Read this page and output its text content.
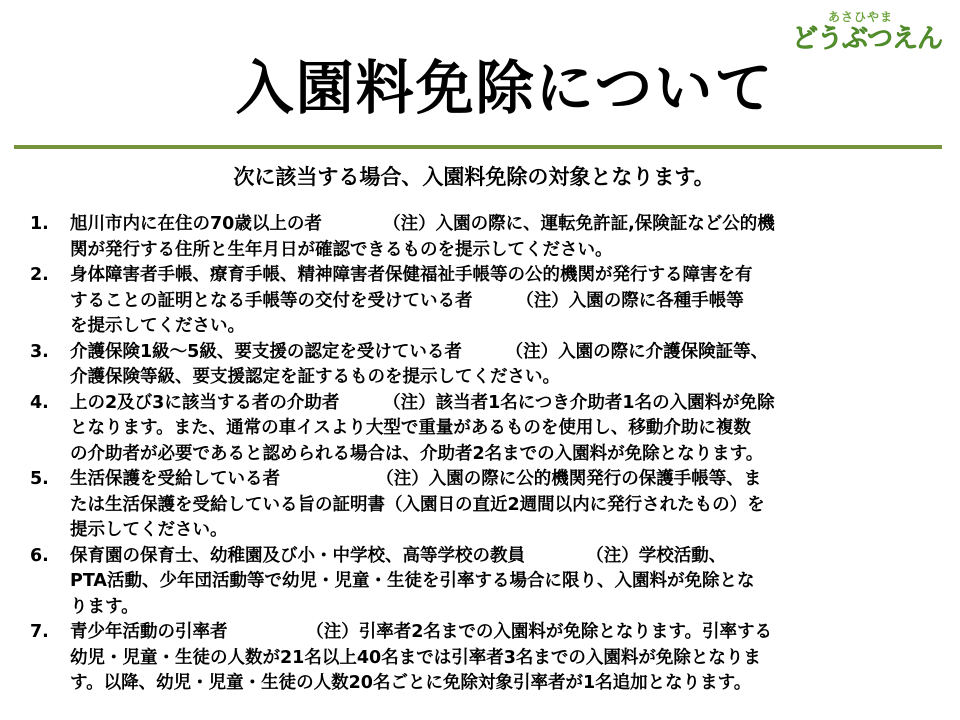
あさひやま
どうぶつえん
入園料免除について
次に該当する場合、入園料免除の対象となります。
1.	旭川市内に在住の70歳以上の者　　　　（注）入園の際に、運転免許証,保険証など公的機
関が発行する住所と生年月日が確認できるものを提示してください。
2.	身体障害者手帳、療育手帳、精神障害者保健福祉手帳等の公的機関が発行する障害を有
することの証明となる手帳等の交付を受けている者　　　（注）入園の際に各種手帳等
を提示してください。
3.	介護保険1級～5級、要支援の認定を受けている者　　　（注）入園の際に介護保険証等、
介護保険等級、要支援認定を証するものを提示してください。
4.	上の2及び3に該当する者の介助者　　　（注）該当者1名につき介助者1名の入園料が免除
となります。また、通常の車イスより大型で重量があるものを使用し、移動介助に複数
の介助者が必要であると認められる場合は、介助者2名までの入園料が免除となります。
5.	生活保護を受給している者　　　　　　（注）入園の際に公的機関発行の保護手帳等、ま
たは生活保護を受給している旨の証明書（入園日の直近2週間以内に発行されたもの）を
提示してください。
6.	保育園の保育士、幼稚園及び小・中学校、高等学校の教員　　　　（注）学校活動、
PTA活動、少年団活動等で幼児・児童・生徒を引率する場合に限り、入園料が免除とな
ります。
7.	青少年活動の引率者　　　　　（注）引率者2名までの入園料が免除となります。引率する
幼児・児童・生徒の人数が21名以上40名までは引率者3名までの入園料が免除となりま
す。以降、幼児・児童・生徒の人数20名ごとに免除対象引率者が1名追加となります。
